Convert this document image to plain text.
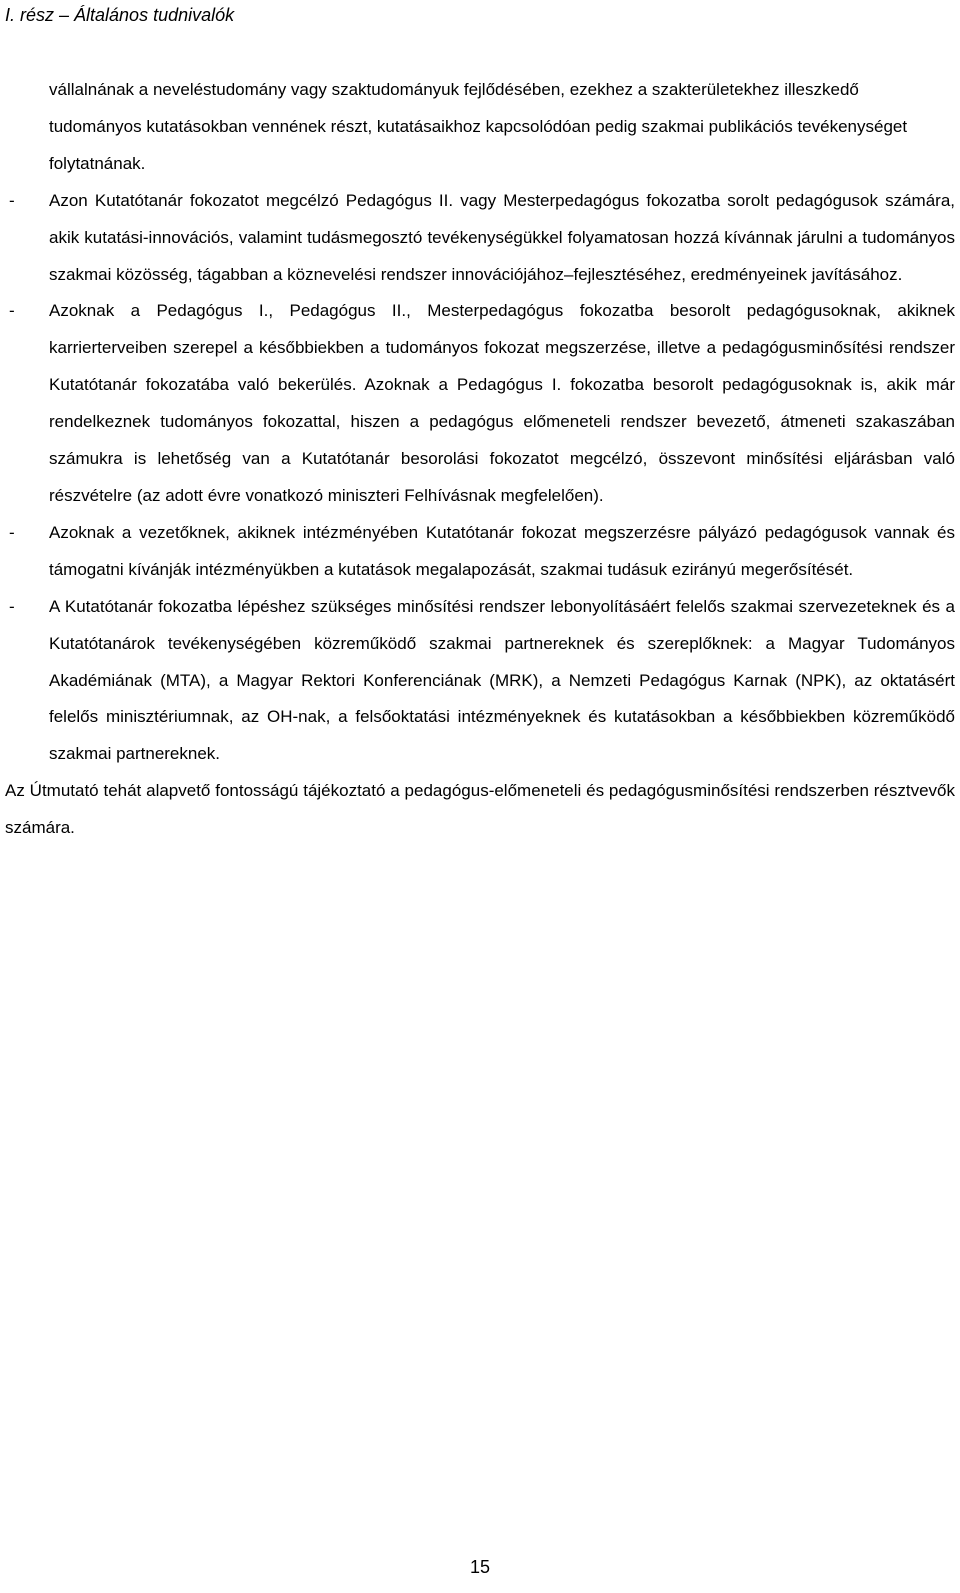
I. rész – Általános tudnivalók

vállalnának a neveléstudomány vagy szaktudományuk fejlődésében, ezekhez a szakterületekhez illeszkedő tudományos kutatásokban vennének részt, kutatásaikhoz kapcsolódóan pedig szakmai publikációs tevékenységet folytatnának.

- Azon Kutatótanár fokozatot megcélzó Pedagógus II. vagy Mesterpedagógus fokozatba sorolt pedagógusok számára, akik kutatási-innovációs, valamint tudásmegosztó tevékenységükkel folyamatosan hozzá kívánnak járulni a tudományos szakmai közösség, tágabban a köznevelési rendszer innovációjához–fejlesztéséhez, eredményeinek javításához.
- Azoknak a Pedagógus I., Pedagógus II., Mesterpedagógus fokozatba besorolt pedagógusoknak, akiknek karrierterveiben szerepel a későbbiekben a tudományos fokozat megszerzése, illetve a pedagógusminősítési rendszer Kutatótanár fokozatába való bekerülés. Azoknak a Pedagógus I. fokozatba besorolt pedagógusoknak is, akik már rendelkeznek tudományos fokozattal, hiszen a pedagógus előmeneteli rendszer bevezető, átmeneti szakaszában számukra is lehetőség van a Kutatótanár besorolási fokozatot megcélzó, összevont minősítési eljárásban való részvételre (az adott évre vonatkozó miniszteri Felhívásnak megfelelően).
- Azoknak a vezetőknek, akiknek intézményében Kutatótanár fokozat megszerzésre pályázó pedagógusok vannak és támogatni kívánják intézményükben a kutatások megalapozását, szakmai tudásuk ezirányú megerősítését.
- A Kutatótanár fokozatba lépéshez szükséges minősítési rendszer lebonyolításáért felelős szakmai szervezeteknek és a Kutatótanárok tevékenységében közreműködő szakmai partnereknek és szereplőknek: a Magyar Tudományos Akadémiának (MTA), a Magyar Rektori Konferenciának (MRK), a Nemzeti Pedagógus Karnak (NPK), az oktatásért felelős minisztériumnak, az OH-nak, a felsőoktatási intézményeknek és kutatásokban a későbbiekben közreműködő szakmai partnereknek.

Az Útmutató tehát alapvető fontosságú tájékoztató a pedagógus-előmeneteli és pedagógusminősítési rendszerben résztvevők számára.

15
